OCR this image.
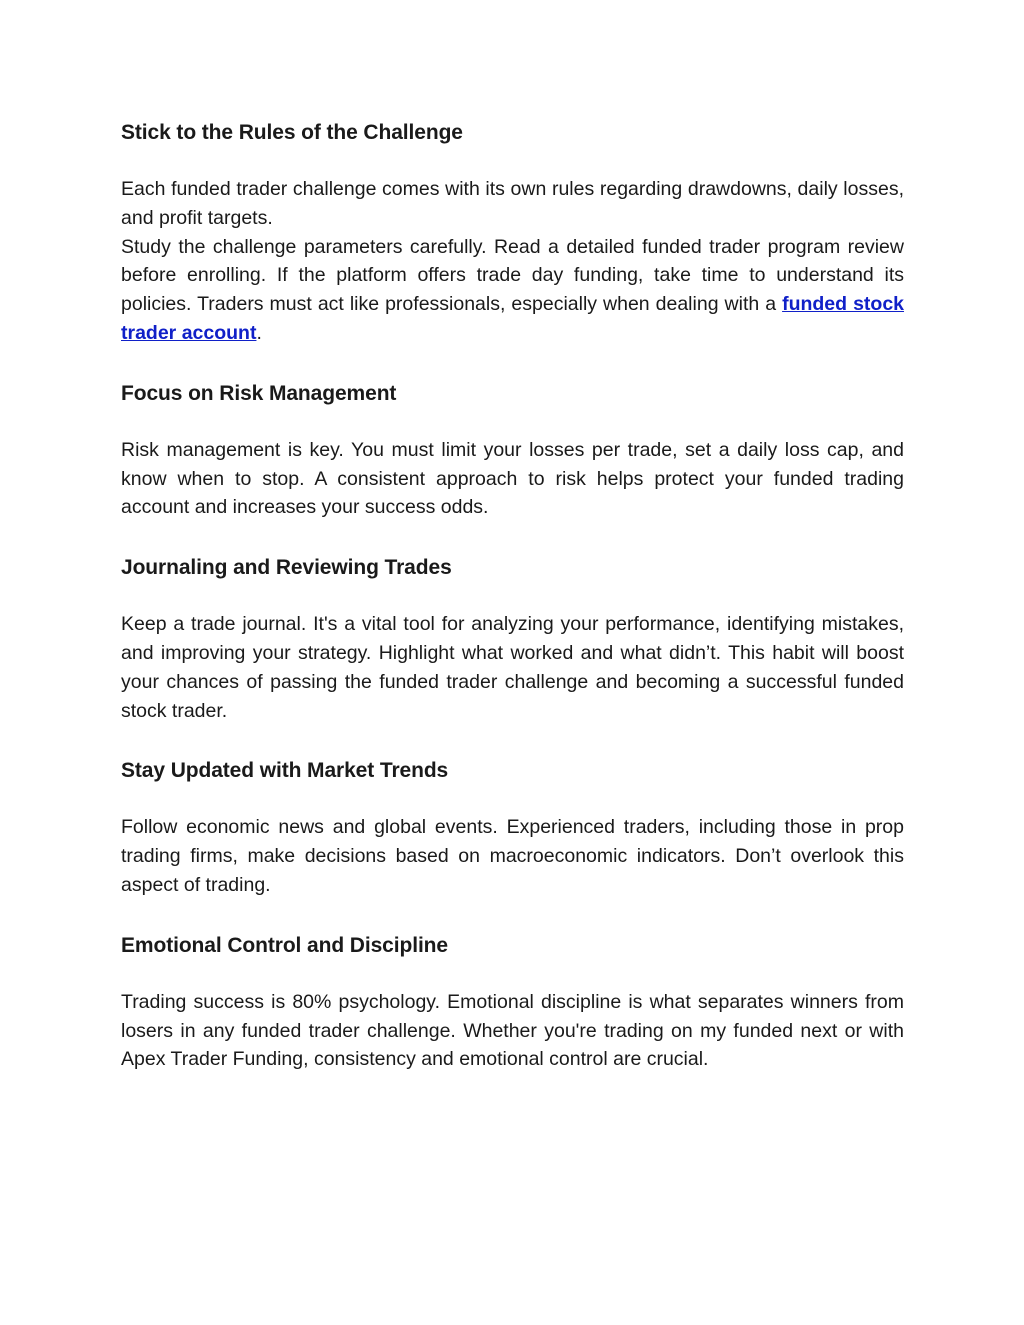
Stick to the Rules of the Challenge

Each funded trader challenge comes with its own rules regarding drawdowns, daily losses, and profit targets.

Study the challenge parameters carefully. Read a detailed funded trader program review before enrolling. If the platform offers trade day funding, take time to understand its policies. Traders must act like professionals, especially when dealing with a funded stock trader account.

Focus on Risk Management

Risk management is key. You must limit your losses per trade, set a daily loss cap, and know when to stop. A consistent approach to risk helps protect your funded trading account and increases your success odds.

Journaling and Reviewing Trades

Keep a trade journal. It's a vital tool for analyzing your performance, identifying mistakes, and improving your strategy. Highlight what worked and what didn’t. This habit will boost your chances of passing the funded trader challenge and becoming a successful funded stock trader.

Stay Updated with Market Trends

Follow economic news and global events. Experienced traders, including those in prop trading firms, make decisions based on macroeconomic indicators. Don’t overlook this aspect of trading.

Emotional Control and Discipline

Trading success is 80% psychology. Emotional discipline is what separates winners from losers in any funded trader challenge. Whether you're trading on my funded next or with Apex Trader Funding, consistency and emotional control are crucial.
